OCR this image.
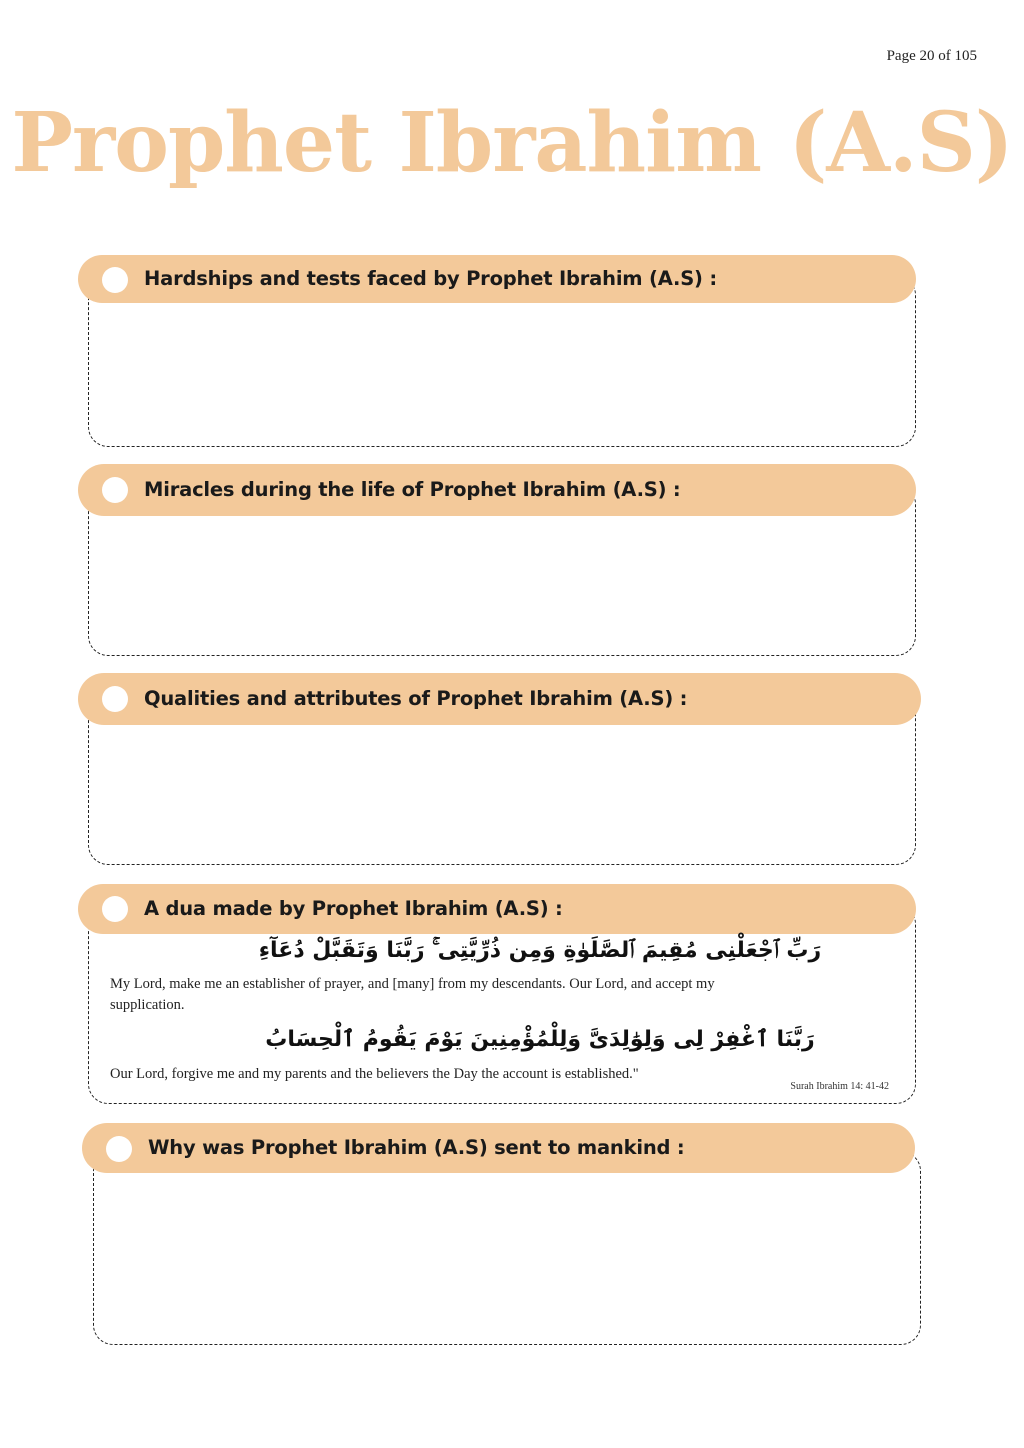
Page 20 of 105
Prophet Ibrahim (A.S)
Hardships and tests faced by Prophet Ibrahim (A.S) :
Miracles during the life of Prophet Ibrahim (A.S) :
Qualities and attributes of Prophet Ibrahim (A.S) :
A dua made by Prophet Ibrahim (A.S) :
رَبِّ ٱجْعَلْنِى مُقِيمَ ٱلصَّلَوٰةِ وَمِن ذُرِّيَّتِى ۚ رَبَّنَا وَتَقَبَّلْ دُعَآءِ
My Lord, make me an establisher of prayer, and [many] from my descendants. Our Lord, and accept my supplication.
رَبَّنَا ٱغْفِرْ لِى وَلِوَٰلِدَىَّ وَلِلْمُؤْمِنِينَ يَوْمَ يَقُومُ ٱلْحِسَابُ
Our Lord, forgive me and my parents and the believers the Day the account is established."
Surah Ibrahim 14: 41-42
Why was Prophet Ibrahim (A.S) sent to mankind :
